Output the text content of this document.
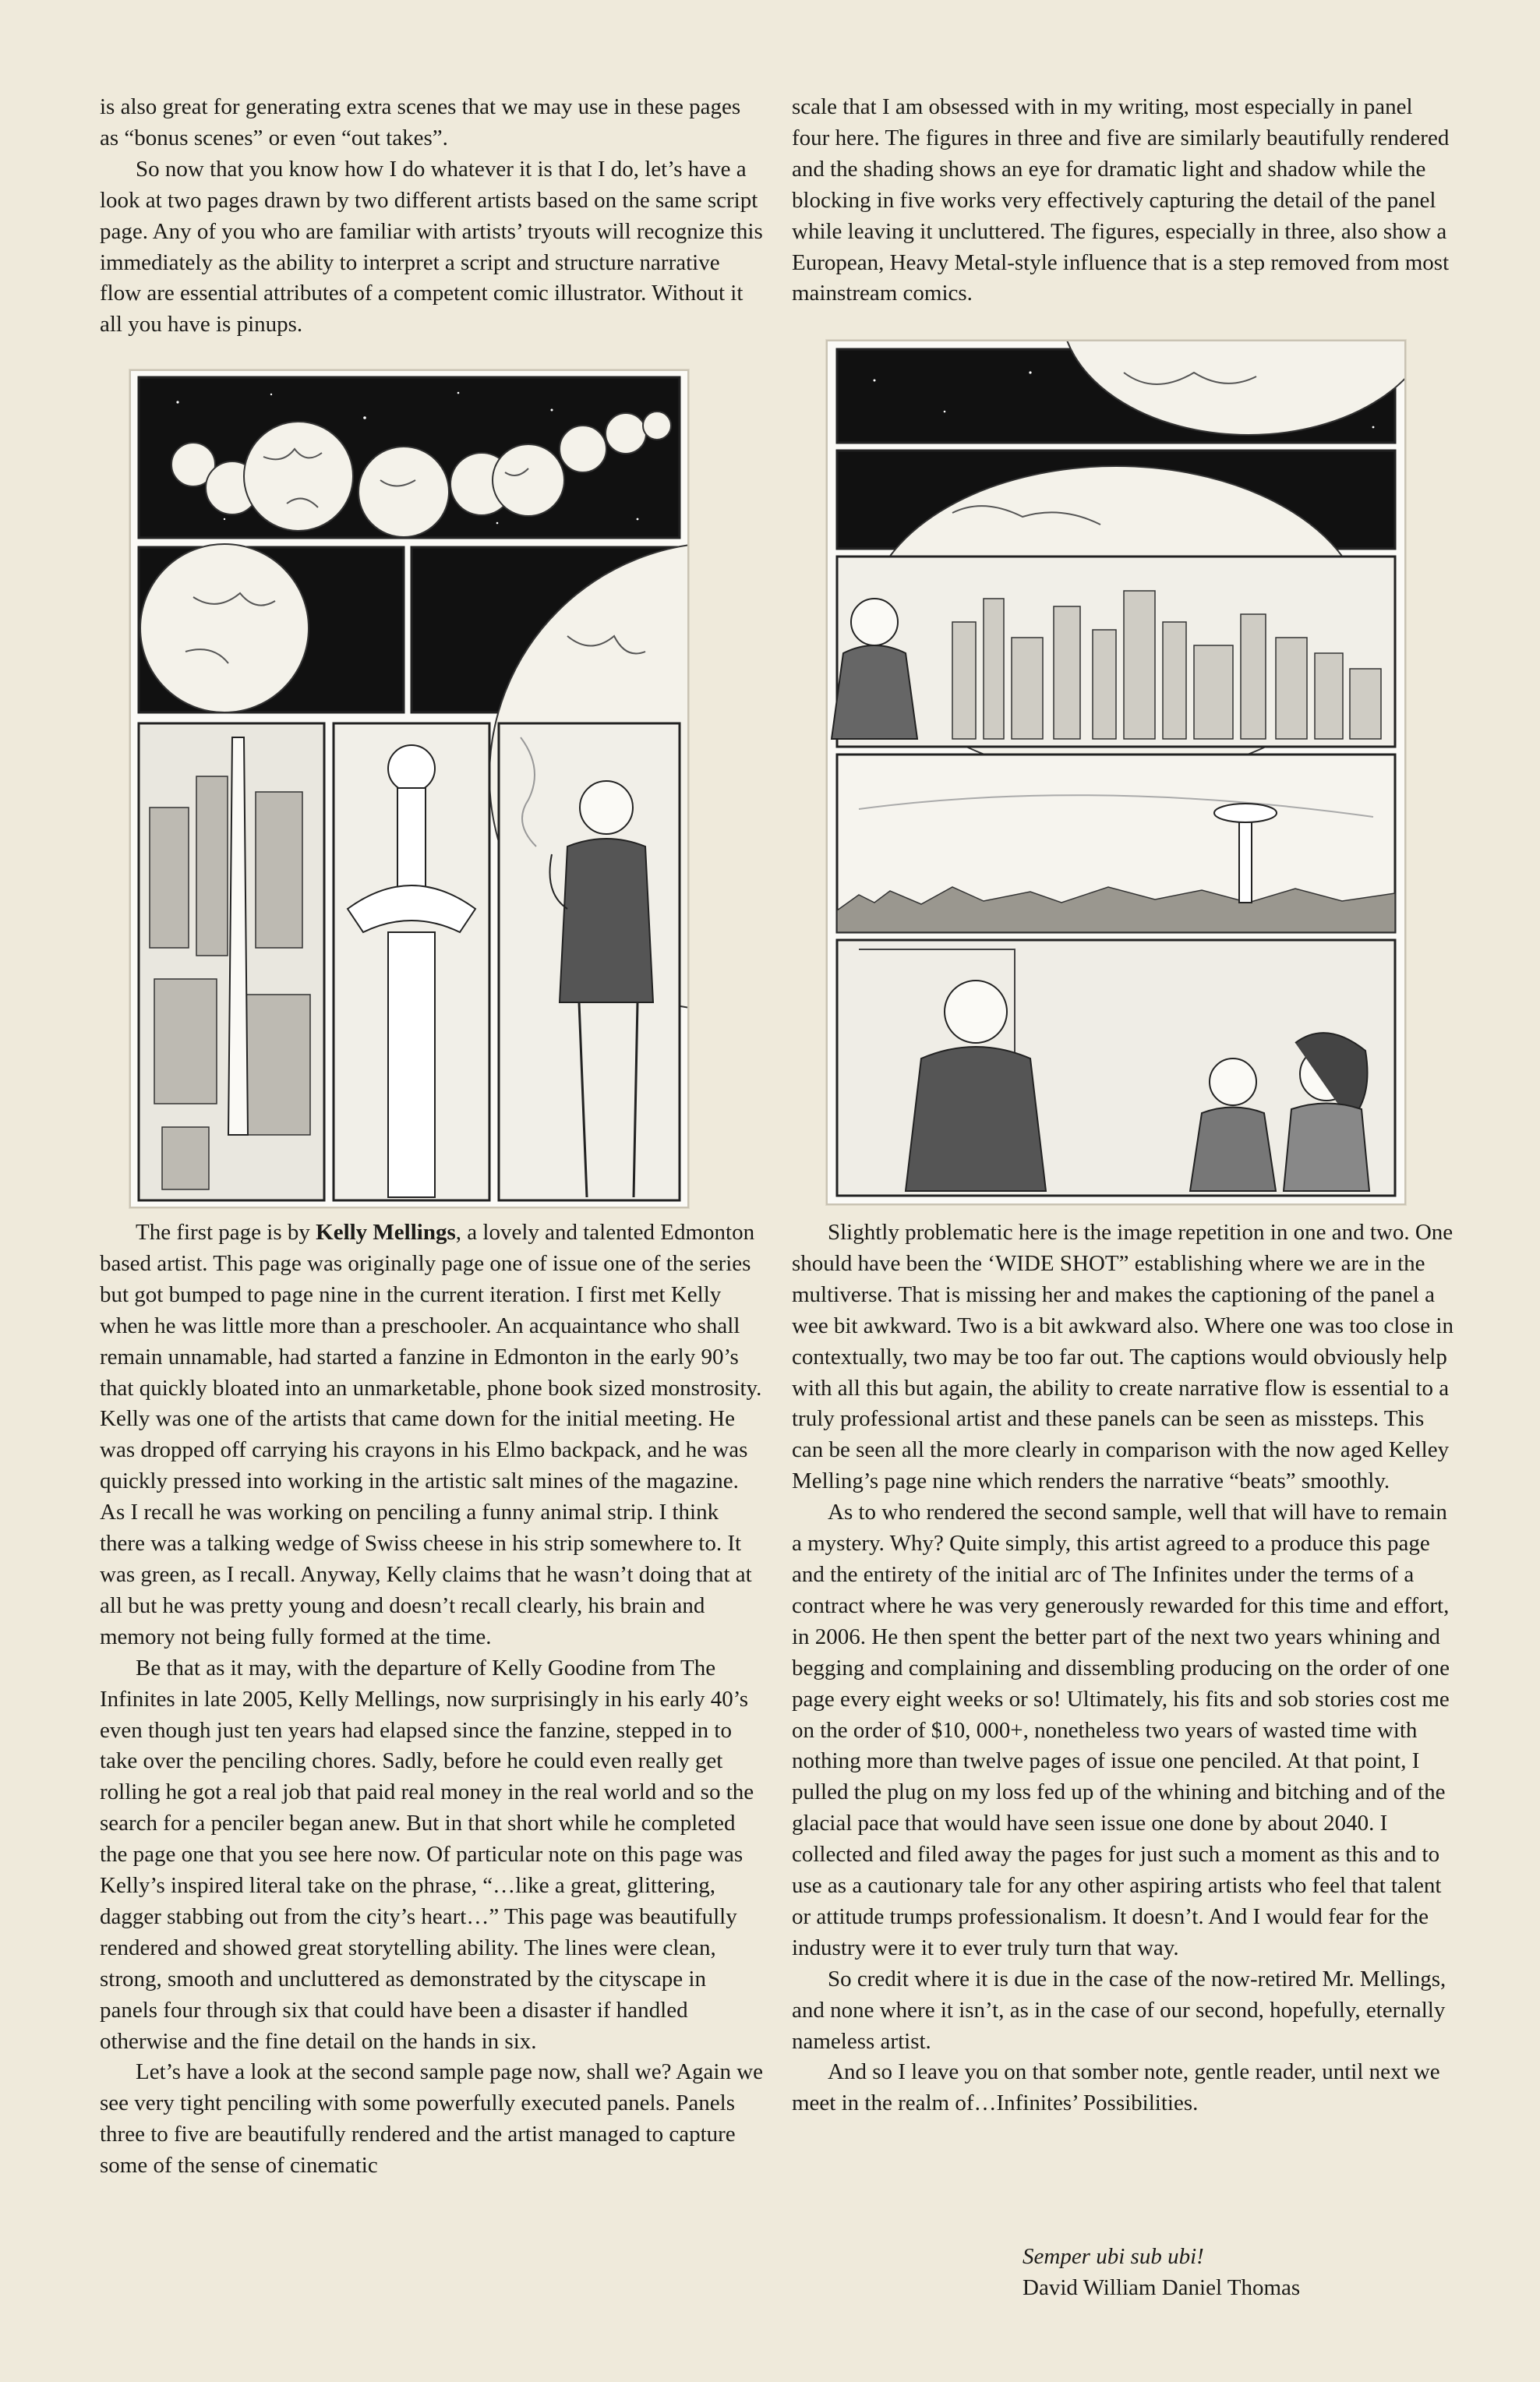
is also great for generating extra scenes that we may use in these pages as “bonus scenes” or even “out takes”.

So now that you know how I do whatever it is that I do, let’s have a look at two pages drawn by two different artists based on the same script page. Any of you who are familiar with artists’ tryouts will recognize this immediately as the ability to interpret a script and structure narrative flow are essential attributes of a competent comic illustrator. Without it all you have is pinups.

The first page is by Kelly Mellings, a lovely and talented Edmonton based artist. This page was originally page one of issue one of the series but got bumped to page nine in the current iteration. I first met Kelly when he was little more than a preschooler. An acquaintance who shall remain unnamable, had started a fanzine in Edmonton in the early 90’s that quickly bloated into an unmarketable, phone book sized monstrosity. Kelly was one of the artists that came down for the initial meeting. He was dropped off carrying his crayons in his Elmo backpack, and he was quickly pressed into working in the artistic salt mines of the magazine. As I recall he was working on penciling a funny animal strip. I think there was a talking wedge of Swiss cheese in his strip somewhere to. It was green, as I recall. Anyway, Kelly claims that he wasn’t doing that at all but he was pretty young and doesn’t recall clearly, his brain and memory not being fully formed at the time.

Be that as it may, with the departure of Kelly Goodine from The Infinites in late 2005, Kelly Mellings, now surprisingly in his early 40’s even though just ten years had elapsed since the fanzine, stepped in to take over the penciling chores. Sadly, before he could even really get rolling he got a real job that paid real money in the real world and so the search for a penciler began anew. But in that short while he completed the page one that you see here now. Of particular note on this page was Kelly’s inspired literal take on the phrase, “…like a great, glittering, dagger stabbing out from the city’s heart…” This page was beautifully rendered and showed great storytelling ability. The lines were clean, strong, smooth and uncluttered as demonstrated by the cityscape in panels four through six that could have been a disaster if handled otherwise and the fine detail on the hands in six.

Let’s have a look at the second sample page now, shall we? Again we see very tight penciling with some powerfully executed panels. Panels three to five are beautifully rendered and the artist managed to capture some of the sense of cinematic

scale that I am obsessed with in my writing, most especially in panel four here. The figures in three and five are similarly beautifully rendered and the shading shows an eye for dramatic light and shadow while the blocking in five works very effectively capturing the detail of the panel while leaving it uncluttered. The figures, especially in three, also show a European, Heavy Metal-style influence that is a step removed from most mainstream comics.

Slightly problematic here is the image repetition in one and two. One should have been the ‘WIDE SHOT” establishing where we are in the multiverse. That is missing her and makes the captioning of the panel a wee bit awkward. Two is a bit awkward also. Where one was too close in contextually, two may be too far out. The captions would obviously help with all this but again, the ability to create narrative flow is essential to a truly professional artist and these panels can be seen as missteps. This can be seen all the more clearly in comparison with the now aged Kelley Melling’s page nine which renders the narrative “beats” smoothly.

As to who rendered the second sample, well that will have to remain a mystery. Why? Quite simply, this artist agreed to a produce this page and the entirety of the initial arc of The Infinites under the terms of a contract where he was very generously rewarded for this time and effort, in 2006. He then spent the better part of the next two years whining and begging and complaining and dissembling producing on the order of one page every eight weeks or so! Ultimately, his fits and sob stories cost me on the order of $10, 000+, nonetheless two years of wasted time with nothing more than twelve pages of issue one penciled. At that point, I pulled the plug on my loss fed up of the whining and bitching and of the glacial pace that would have seen issue one done by about 2040. I collected and filed away the pages for just such a moment as this and to use as a cautionary tale for any other aspiring artists who feel that talent or attitude trumps professionalism. It doesn’t. And I would fear for the industry were it to ever truly turn that way.

So credit where it is due in the case of the now-retired Mr. Mellings, and none where it isn’t, as in the case of our second, hopefully, eternally nameless artist.

And so I leave you on that somber note, gentle reader, until next we meet in the realm of…Infinites’ Possibilities.

Semper ubi sub ubi!
David William Daniel Thomas
